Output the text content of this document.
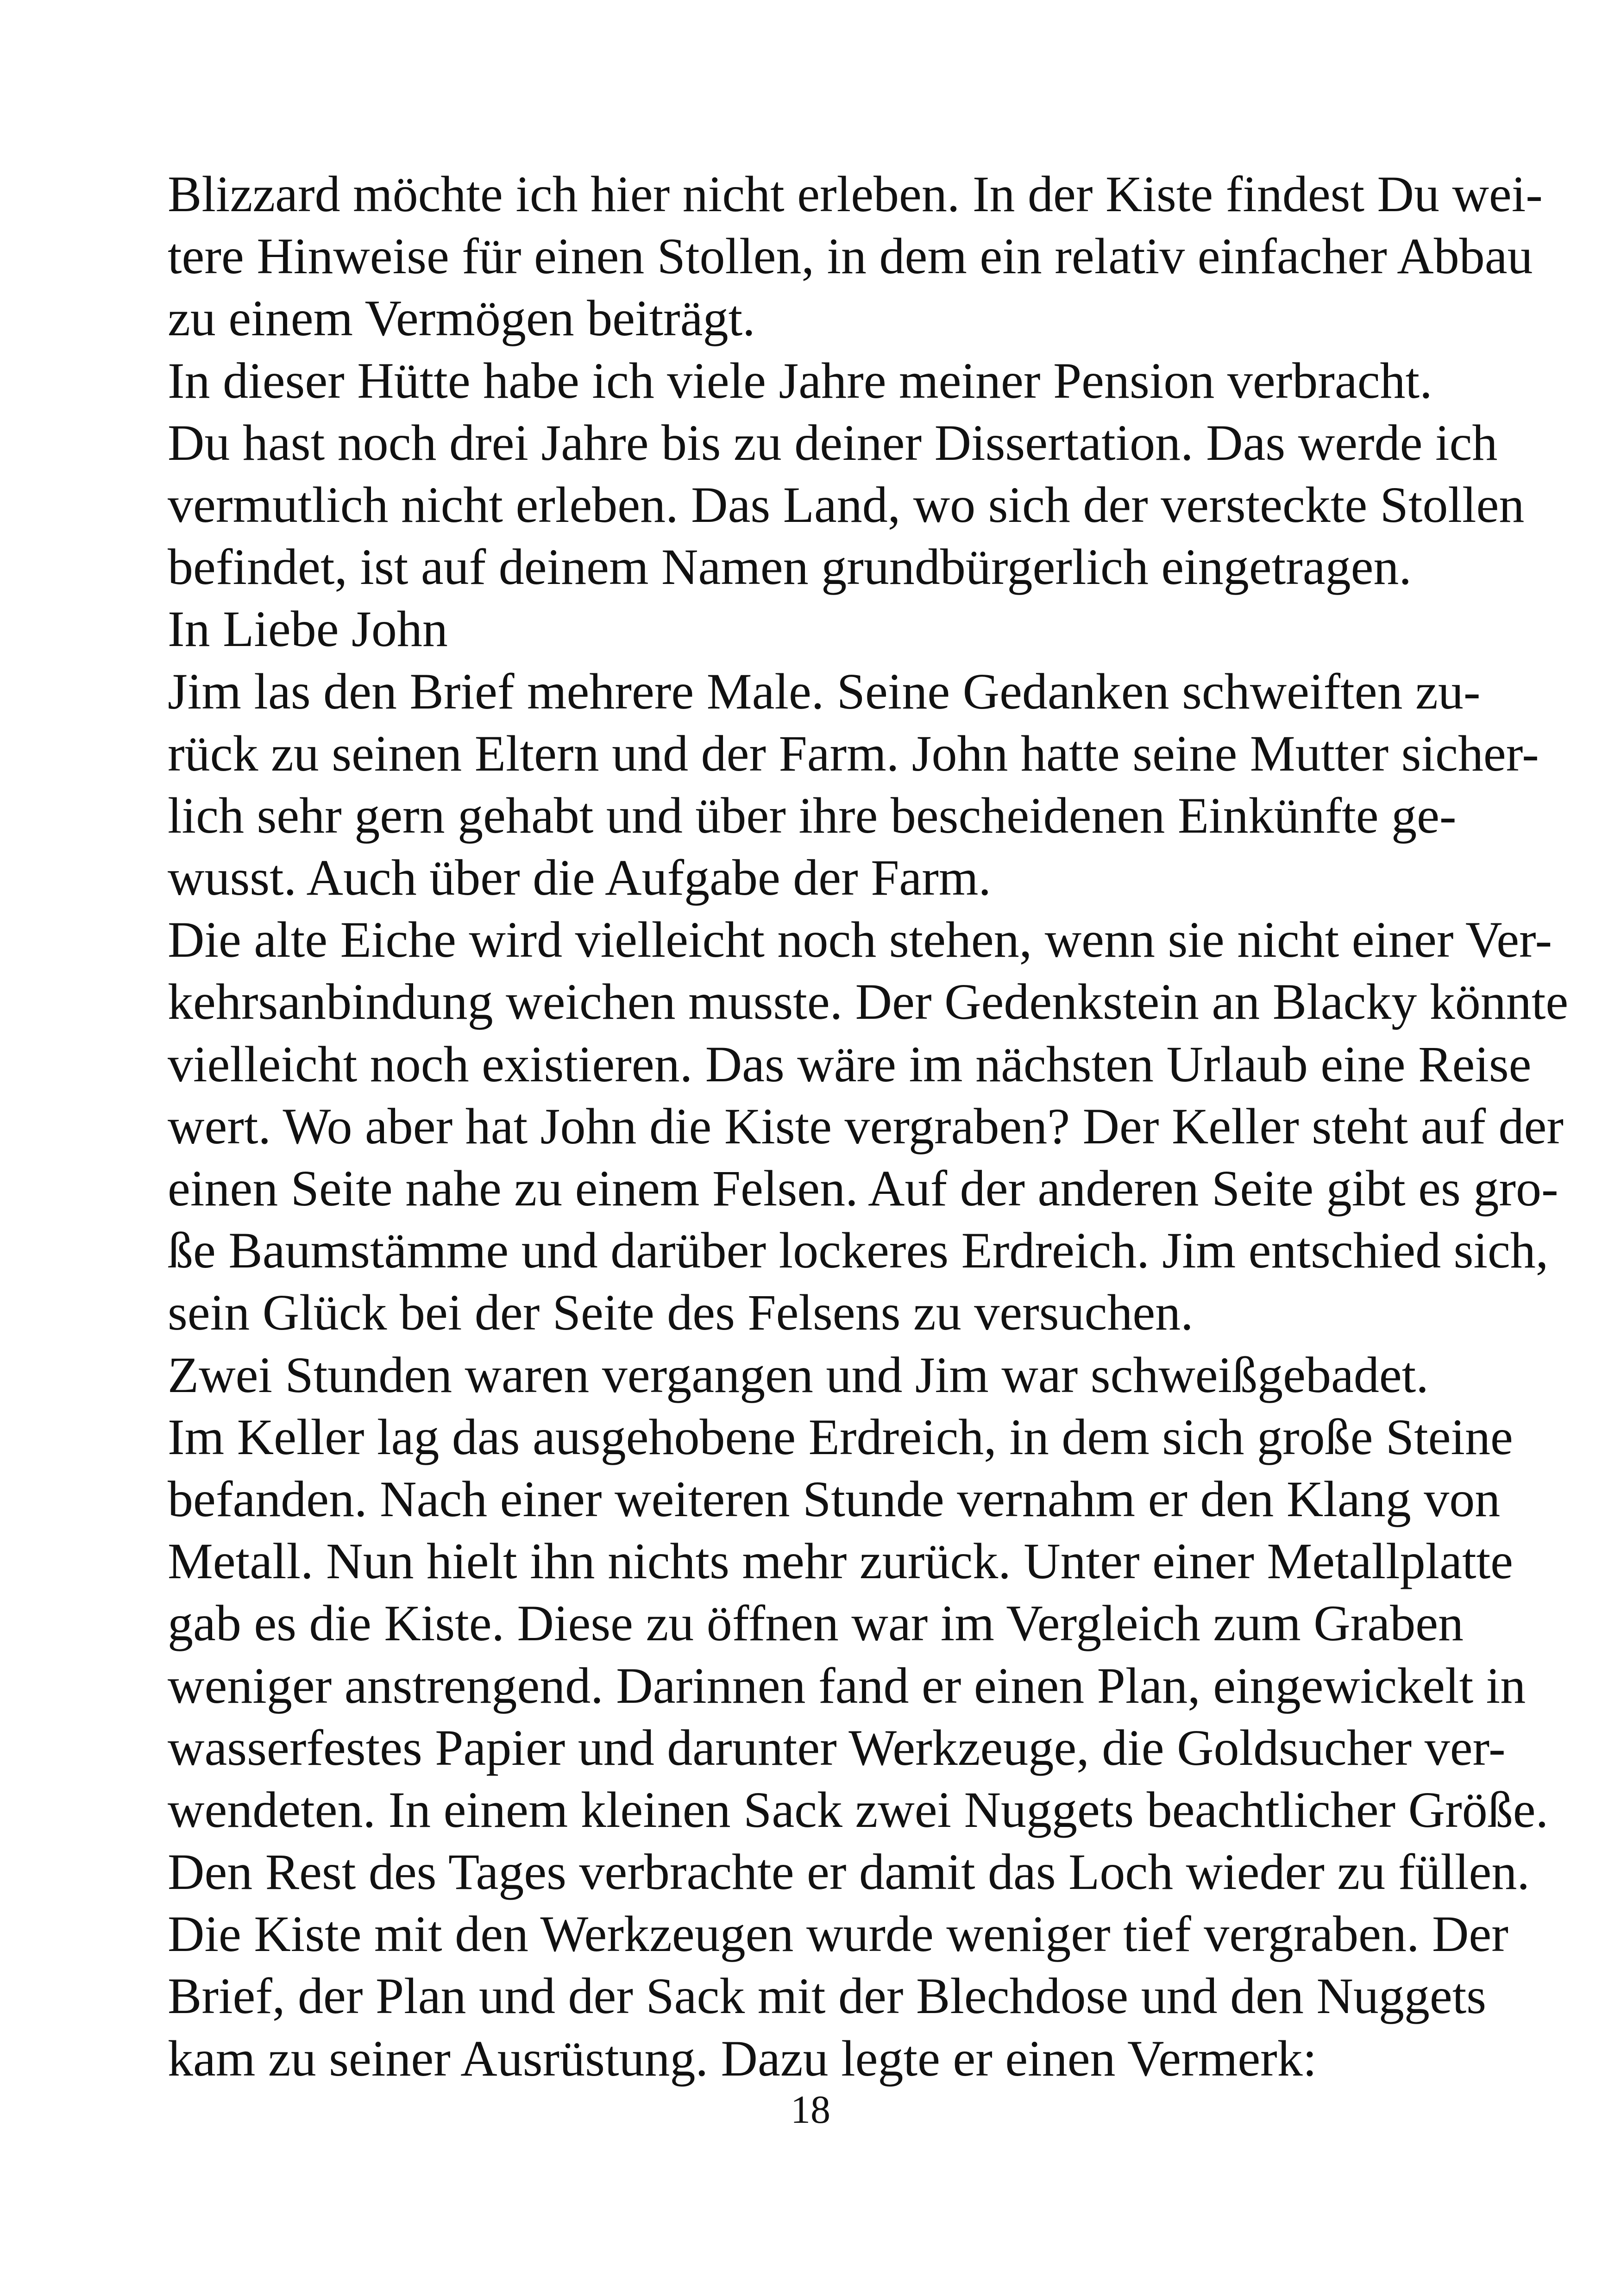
Blizzard möchte ich hier nicht erleben. In der Kiste findest Du wei-
tere Hinweise für einen Stollen, in dem ein relativ einfacher Abbau
zu einem Vermögen beiträgt.
In dieser Hütte habe ich viele Jahre meiner Pension verbracht.
Du hast noch drei Jahre bis zu deiner Dissertation. Das werde ich
vermutlich nicht erleben. Das Land, wo sich der versteckte Stollen
befindet, ist auf deinem Namen grundbürgerlich eingetragen.
In Liebe John
Jim las den Brief mehrere Male. Seine Gedanken schweiften zu-
rück zu seinen Eltern und der Farm. John hatte seine Mutter sicher-
lich sehr gern gehabt und über ihre bescheidenen Einkünfte ge-
wusst. Auch über die Aufgabe der Farm.
Die alte Eiche wird vielleicht noch stehen, wenn sie nicht einer Ver-
kehrsanbindung weichen musste. Der Gedenkstein an Blacky könnte
vielleicht noch existieren. Das wäre im nächsten Urlaub eine Reise
wert. Wo aber hat John die Kiste vergraben? Der Keller steht auf der
einen Seite nahe zu einem Felsen. Auf der anderen Seite gibt es gro-
ße Baumstämme und darüber lockeres Erdreich. Jim entschied sich,
sein Glück bei der Seite des Felsens zu versuchen.
Zwei Stunden waren vergangen und Jim war schweißgebadet.
Im Keller lag das ausgehobene Erdreich, in dem sich große Steine
befanden. Nach einer weiteren Stunde vernahm er den Klang von
Metall. Nun hielt ihn nichts mehr zurück. Unter einer Metallplatte
gab es die Kiste. Diese zu öffnen war im Vergleich zum Graben
weniger anstrengend. Darinnen fand er einen Plan, eingewickelt in
wasserfestes Papier und darunter Werkzeuge, die Goldsucher ver-
wendeten. In einem kleinen Sack zwei Nuggets beachtlicher Größe.
Den Rest des Tages verbrachte er damit das Loch wieder zu füllen.
Die Kiste mit den Werkzeugen wurde weniger tief vergraben. Der
Brief, der Plan und der Sack mit der Blechdose und den Nuggets
kam zu seiner Ausrüstung. Dazu legte er einen Vermerk:
18
